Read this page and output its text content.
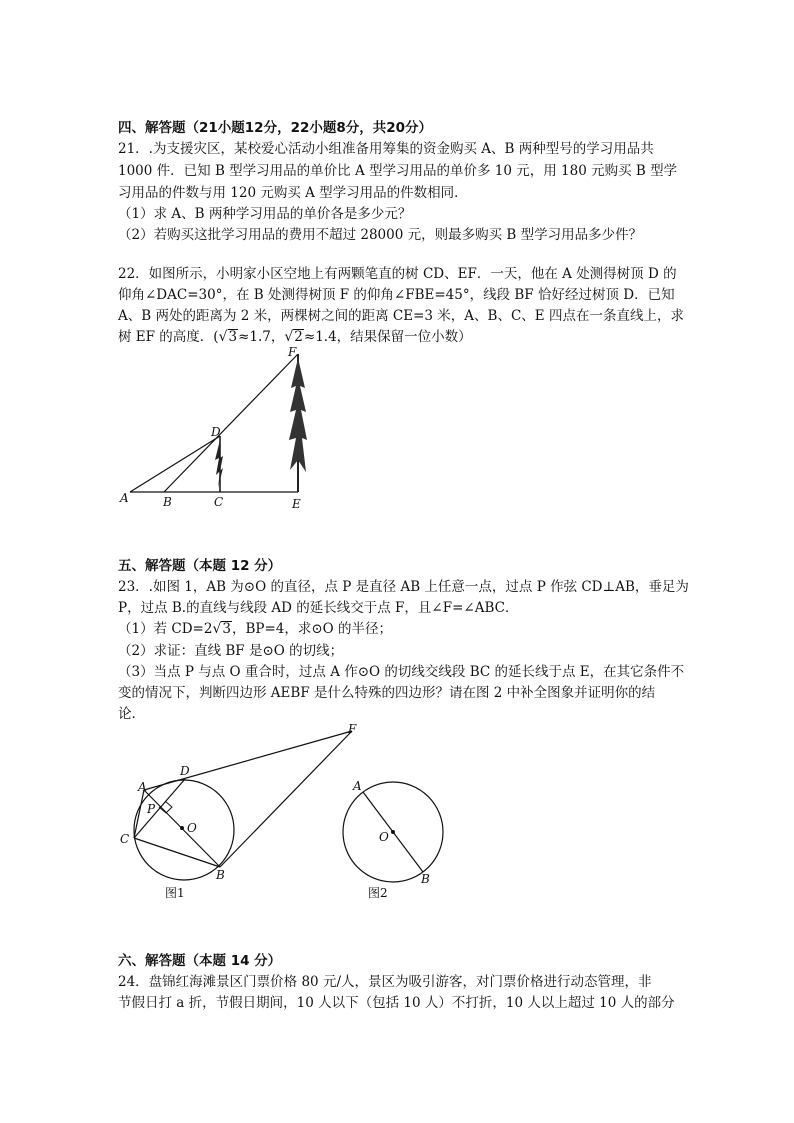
四、解答题（21小题12分，22小题8分，共20分）
21．.为支援灾区，某校爱心活动小组准备用筹集的资金购买 A、B 两种型号的学习用品共
1000 件．已知 B 型学习用品的单价比 A 型学习用品的单价多 10 元，用 180 元购买 B 型学
习用品的件数与用 120 元购买 A 型学习用品的件数相同．
（1）求 A、B 两种学习用品的单价各是多少元？
（2）若购买这批学习用品的费用不超过 28000 元，则最多购买 B 型学习用品多少件？
22．如图所示，小明家小区空地上有两颗笔直的树 CD、EF．一天，他在 A 处测得树顶 D 的
仰角∠DAC=30°，在 B 处测得树顶 F 的仰角∠FBE=45°，线段 BF 恰好经过树顶 D．已知
A、B 两处的距离为 2 米，两棵树之间的距离 CE=3 米，A、B、C、E 四点在一条直线上，求
树 EF 的高度．(√3≈1.7，√2≈1.4，结果保留一位小数）
F
D
A	B	C	E
五、解答题（本题 12 分）
23．.如图 1，AB 为⊙O 的直径，点 P 是直径 AB 上任意一点，过点 P 作弦 CD⊥AB，垂足为
P，过点 B.的直线与线段 AD 的延长线交于点 F，且∠F=∠ABC．
（1）若 CD=2√3，BP=4，求⊙O 的半径；
（2）求证：直线 BF 是⊙O 的切线；
（3）当点 P 与点 O 重合时，过点 A 作⊙O 的切线交线段 BC 的延长线于点 E，在其它条件不
变的情况下，判断四边形 AEBF 是什么特殊的四边形？请在图 2 中补全图象并证明你的结
论．
F
A
D
P
O
C
B
图1
A
O
B
图2
六、解答题（本题 14 分）
24．盘锦红海滩景区门票价格 80 元/人，景区为吸引游客，对门票价格进行动态管理，非
节假日打 a 折，节假日期间，10 人以下（包括 10 人）不打折，10 人以上超过 10 人的部分
